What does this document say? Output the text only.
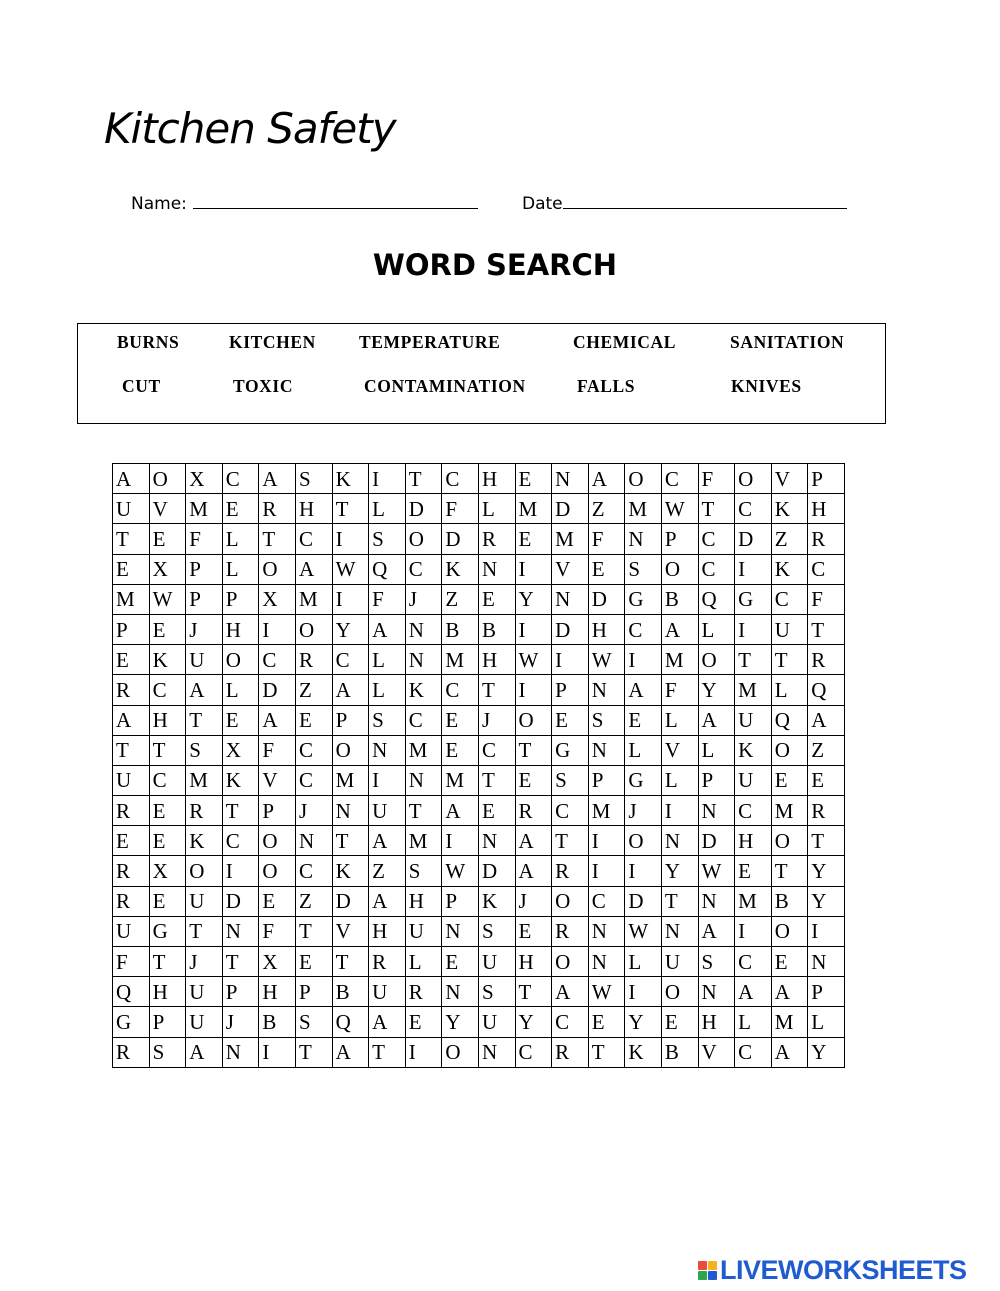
Kitchen Safety
Name:	Date
WORD SEARCH
BURNS	KITCHEN TEMPERATURE	CHEMICAL	SANITATION
CUT	TOXIC	CONTAMINATION	FALLS	KNIVES
A	O	X	C	A	S	K	I	T	C	H	E	N	A	O	C	F	O	V	P
U	V	M	E	R	H	T	L	D	F	L	M	D	Z	M	W	T	C	K	H
T	E	F	L	T	C	I	S	O	D	R	E	M	F	N	P	C	D	Z	R
E	X	P	L	O	A	W	Q	C	K	N	I	V	E	S	O	C	I	K	C
M	W	P	P	X	M	I	F	J	Z	E	Y	N	D	G	B	Q	G	C	F
P	E	J	H	I	O	Y	A	N	B	B	I	D	H	C	A	L	I	U	T
E	K	U	O	C	R	C	L	N	M	H	W	I	W	I	M	O	T	T	R
R	C	A	L	D	Z	A	L	K	C	T	I	P	N	A	F	Y	M	L	Q
A	H	T	E	A	E	P	S	C	E	J	O	E	S	E	L	A	U	Q	A
T	T	S	X	F	C	O	N	M	E	C	T	G	N	L	V	L	K	O	Z
U	C	M	K	V	C	M	I	N	M	T	E	S	P	G	L	P	U	E	E
R	E	R	T	P	J	N	U	T	A	E	R	C	M	J	I	N	C	M	R
E	E	K	C	O	N	T	A	M	I	N	A	T	I	O	N	D	H	O	T
R	X	O	I	O	C	K	Z	S	W	D	A	R	I	I	Y	W	E	T	Y
R	E	U	D	E	Z	D	A	H	P	K	J	O	C	D	T	N	M	B	Y
U	G	T	N	F	T	V	H	U	N	S	E	R	N	W	N	A	I	O	I
F	T	J	T	X	E	T	R	L	E	U	H	O	N	L	U	S	C	E	N
Q	H	U	P	H	P	B	U	R	N	S	T	A	W	I	O	N	A	A	P
G	P	U	J	B	S	Q	A	E	Y	U	Y	C	E	Y	E	H	L	M	L
R	S	A	N	I	T	A	T	I	O	N	C	R	T	K	B	V	C	A	Y
LIVEWORKSHEETS
